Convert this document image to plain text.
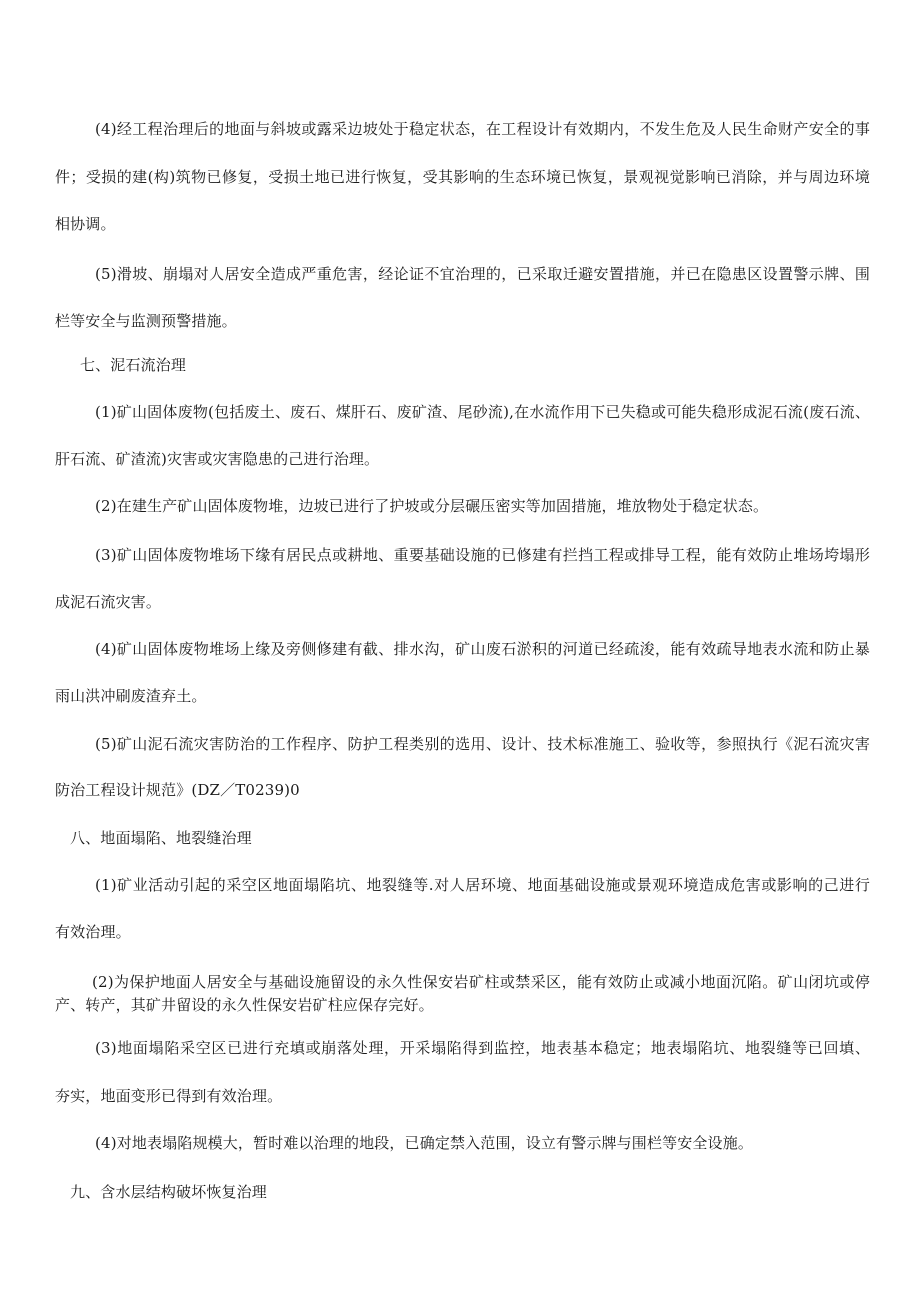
(4)经工程治理后的地面与斜坡或露采边坡处于稳定状态，在工程设计有效期内，不发生危及人民生命财产安全的事
件；受损的建(构)筑物已修复，受损土地已进行恢复，受其影响的生态环境已恢复，景观视觉影响已消除，并与周边环境
相协调。
(5)滑坡、崩塌对人居安全造成严重危害，经论证不宜治理的，已采取迁避安置措施，并已在隐患区设置警示牌、围
栏等安全与监测预警措施。
七、泥石流治理
(1)矿山固体废物(包括废土、废石、煤肝石、废矿渣、尾砂流),在水流作用下已失稳或可能失稳形成泥石流(废石流、
肝石流、矿渣流)灾害或灾害隐患的己进行治理。
(2)在建生产矿山固体废物堆，边坡已进行了护坡或分层碾压密实等加固措施，堆放物处于稳定状态。
(3)矿山固体废物堆场下缘有居民点或耕地、重要基础设施的已修建有拦挡工程或排导工程，能有效防止堆场垮塌形
成泥石流灾害。
(4)矿山固体废物堆场上缘及旁侧修建有截、排水沟，矿山废石淤积的河道已经疏浚，能有效疏导地表水流和防止暴
雨山洪冲刷废渣弃土。
(5)矿山泥石流灾害防治的工作程序、防护工程类别的选用、设计、技术标准施工、验收等，参照执行《泥石流灾害
防治工程设计规范》(DZ／T0239)0
八、地面塌陷、地裂缝治理
(1)矿业活动引起的采空区地面塌陷坑、地裂缝等.对人居环境、地面基础设施或景观环境造成危害或影响的己进行
有效治理。
(2)为保护地面人居安全与基础设施留设的永久性保安岩矿柱或禁采区，能有效防止或减小地面沉陷。矿山闭坑或停
产、转产，其矿井留设的永久性保安岩矿柱应保存完好。
(3)地面塌陷采空区已进行充填或崩落处理，开采塌陷得到监控，地表基本稳定；地表塌陷坑、地裂缝等已回填、
夯实，地面变形已得到有效治理。
(4)对地表塌陷规模大，暂时难以治理的地段，已确定禁入范围，设立有警示牌与围栏等安全设施。
九、含水层结构破坏恢复治理
